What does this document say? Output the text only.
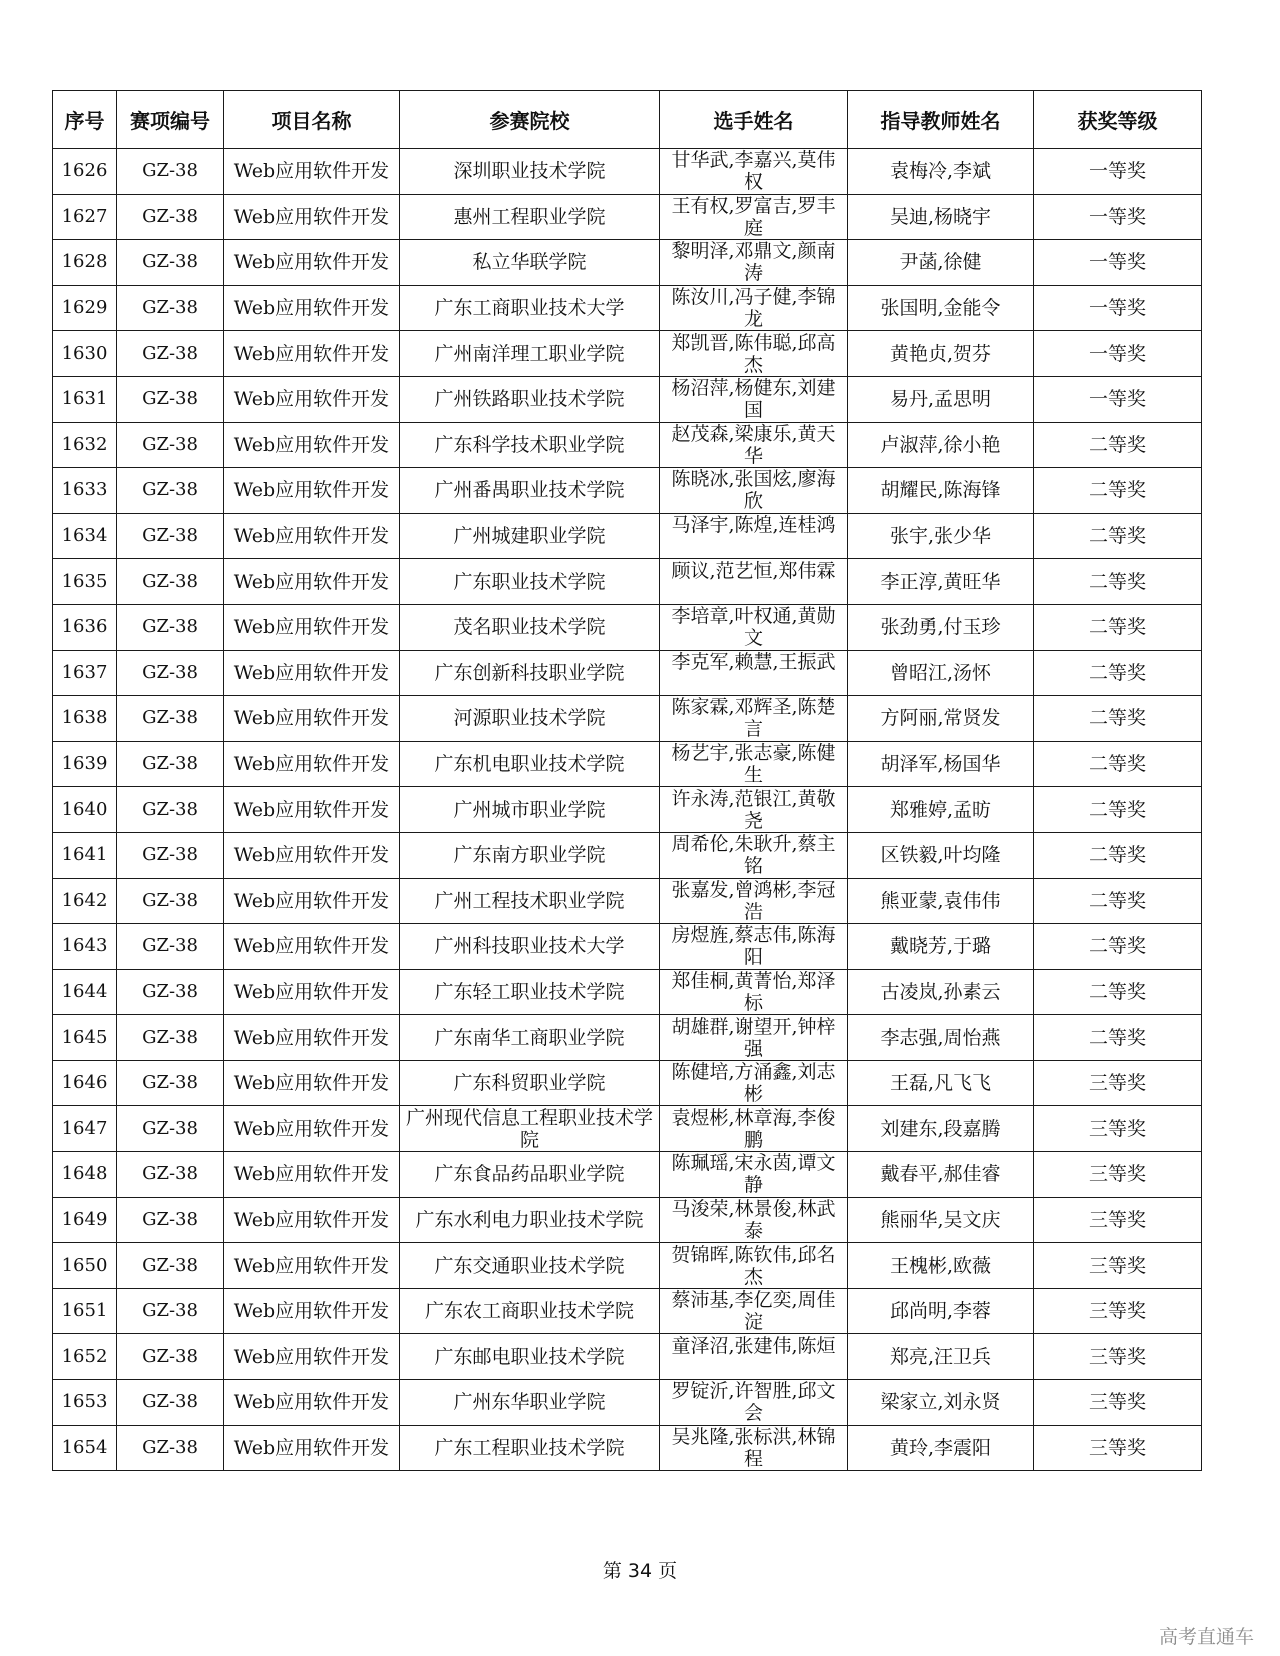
序号	赛项编号	项目名称	参赛院校	选手姓名	指导教师姓名	获奖等级
1626	GZ-38	Web应用软件开发	深圳职业技术学院	甘华武,李嘉兴,莫伟权	袁梅冷,李斌	一等奖
1627	GZ-38	Web应用软件开发	惠州工程职业学院	王有权,罗富吉,罗丰庭	吴迪,杨晓宇	一等奖
1628	GZ-38	Web应用软件开发	私立华联学院	黎明泽,邓鼎文,颜南涛	尹菡,徐健	一等奖
1629	GZ-38	Web应用软件开发	广东工商职业技术大学	陈汝川,冯子健,李锦龙	张国明,金能令	一等奖
1630	GZ-38	Web应用软件开发	广州南洋理工职业学院	郑凯晋,陈伟聪,邱高杰	黄艳贞,贺芬	一等奖
1631	GZ-38	Web应用软件开发	广州铁路职业技术学院	杨沼萍,杨健东,刘建国	易丹,孟思明	一等奖
1632	GZ-38	Web应用软件开发	广东科学技术职业学院	赵茂森,梁康乐,黄天华	卢淑萍,徐小艳	二等奖
1633	GZ-38	Web应用软件开发	广州番禺职业技术学院	陈晓冰,张国炫,廖海欣	胡耀民,陈海锋	二等奖
1634	GZ-38	Web应用软件开发	广州城建职业学院	马泽宇,陈煌,连桂鸿	张宇,张少华	二等奖
1635	GZ-38	Web应用软件开发	广东职业技术学院	顾议,范艺恒,郑伟霖	李正淳,黄旺华	二等奖
1636	GZ-38	Web应用软件开发	茂名职业技术学院	李培章,叶权通,黄勋文	张劲勇,付玉珍	二等奖
1637	GZ-38	Web应用软件开发	广东创新科技职业学院	李克军,赖慧,王振武	曾昭江,汤怀	二等奖
1638	GZ-38	Web应用软件开发	河源职业技术学院	陈家霖,邓辉圣,陈楚言	方阿丽,常贤发	二等奖
1639	GZ-38	Web应用软件开发	广东机电职业技术学院	杨艺宇,张志豪,陈健生	胡泽军,杨国华	二等奖
1640	GZ-38	Web应用软件开发	广州城市职业学院	许永涛,范银江,黄敬尧	郑雅婷,孟昉	二等奖
1641	GZ-38	Web应用软件开发	广东南方职业学院	周希伦,朱耿升,蔡主铭	区铁毅,叶均隆	二等奖
1642	GZ-38	Web应用软件开发	广州工程技术职业学院	张嘉发,曾鸿彬,李冠浩	熊亚蒙,袁伟伟	二等奖
1643	GZ-38	Web应用软件开发	广州科技职业技术大学	房煜旌,蔡志伟,陈海阳	戴晓芳,于璐	二等奖
1644	GZ-38	Web应用软件开发	广东轻工职业技术学院	郑佳桐,黄菁怡,郑泽标	古凌岚,孙素云	二等奖
1645	GZ-38	Web应用软件开发	广东南华工商职业学院	胡雄群,谢望开,钟梓强	李志强,周怡燕	二等奖
1646	GZ-38	Web应用软件开发	广东科贸职业学院	陈健培,方涌鑫,刘志彬	王磊,凡飞飞	三等奖
1647	GZ-38	Web应用软件开发	广州现代信息工程职业技术学院	袁煜彬,林章海,李俊鹏	刘建东,段嘉腾	三等奖
1648	GZ-38	Web应用软件开发	广东食品药品职业学院	陈珮瑶,宋永茵,谭文静	戴春平,郝佳睿	三等奖
1649	GZ-38	Web应用软件开发	广东水利电力职业技术学院	马浚荣,林景俊,林武泰	熊丽华,吴文庆	三等奖
1650	GZ-38	Web应用软件开发	广东交通职业技术学院	贺锦晖,陈钦伟,邱名杰	王槐彬,欧薇	三等奖
1651	GZ-38	Web应用软件开发	广东农工商职业技术学院	蔡沛基,李亿奕,周佳淀	邱尚明,李蓉	三等奖
1652	GZ-38	Web应用软件开发	广东邮电职业技术学院	童泽沼,张建伟,陈烜	郑亮,汪卫兵	三等奖
1653	GZ-38	Web应用软件开发	广州东华职业学院	罗锭沂,许智胜,邱文会	梁家立,刘永贤	三等奖
1654	GZ-38	Web应用软件开发	广东工程职业技术学院	吴兆隆,张标洪,林锦程	黄玲,李震阳	三等奖
第 34 页
高考直通车
